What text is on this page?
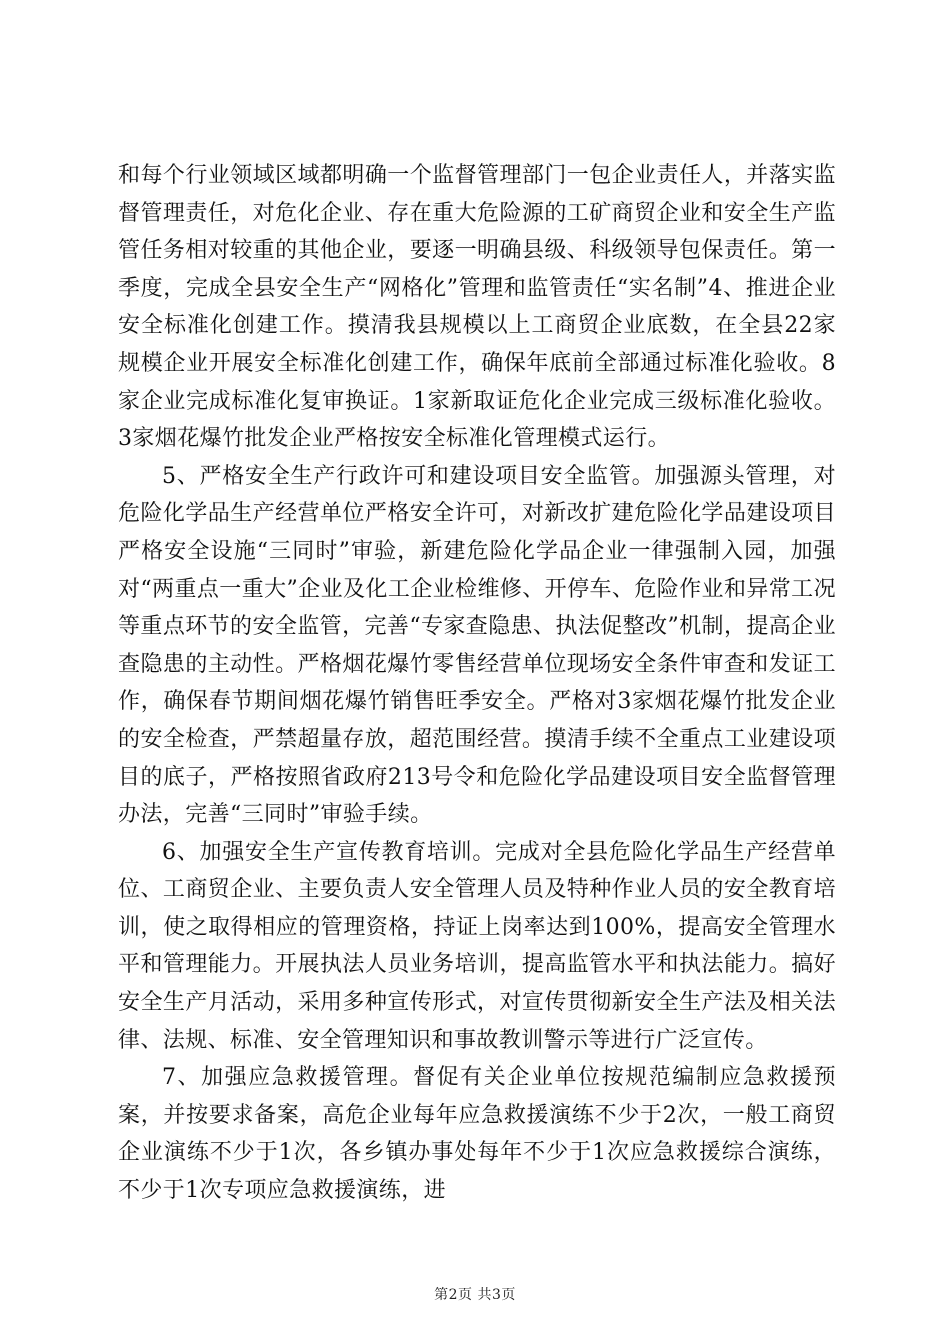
和每个行业领域区域都明确一个监督管理部门一包企业责任人，并落实监督管理责任，对危化企业、存在重大危险源的工矿商贸企业和安全生产监管任务相对较重的其他企业，要逐一明确县级、科级领导包保责任。第一季度，完成全县安全生产“网格化”管理和监管责任“实名制”4、推进企业安全标准化创建工作。摸清我县规模以上工商贸企业底数，在全县22家规模企业开展安全标准化创建工作，确保年底前全部通过标准化验收。8家企业完成标准化复审换证。1家新取证危化企业完成三级标准化验收。3家烟花爆竹批发企业严格按安全标准化管理模式运行。

5、严格安全生产行政许可和建设项目安全监管。加强源头管理，对危险化学品生产经营单位严格安全许可，对新改扩建危险化学品建设项目严格安全设施“三同时”审验，新建危险化学品企业一律强制入园，加强对“两重点一重大”企业及化工企业检维修、开停车、危险作业和异常工况等重点环节的安全监管，完善“专家查隐患、执法促整改”机制，提高企业查隐患的主动性。严格烟花爆竹零售经营单位现场安全条件审查和发证工作，确保春节期间烟花爆竹销售旺季安全。严格对3家烟花爆竹批发企业的安全检查，严禁超量存放，超范围经营。摸清手续不全重点工业建设项目的底子，严格按照省政府213号令和危险化学品建设项目安全监督管理办法，完善“三同时”审验手续。

6、加强安全生产宣传教育培训。完成对全县危险化学品生产经营单位、工商贸企业、主要负责人安全管理人员及特种作业人员的安全教育培训，使之取得相应的管理资格，持证上岗率达到100%，提高安全管理水平和管理能力。开展执法人员业务培训，提高监管水平和执法能力。搞好安全生产月活动，采用多种宣传形式，对宣传贯彻新安全生产法及相关法律、法规、标准、安全管理知识和事故教训警示等进行广泛宣传。

7、加强应急救援管理。督促有关企业单位按规范编制应急救援预案，并按要求备案，高危企业每年应急救援演练不少于2次，一般工商贸企业演练不少于1次，各乡镇办事处每年不少于1次应急救援综合演练，不少于1次专项应急救援演练，进

第2页 共3页
